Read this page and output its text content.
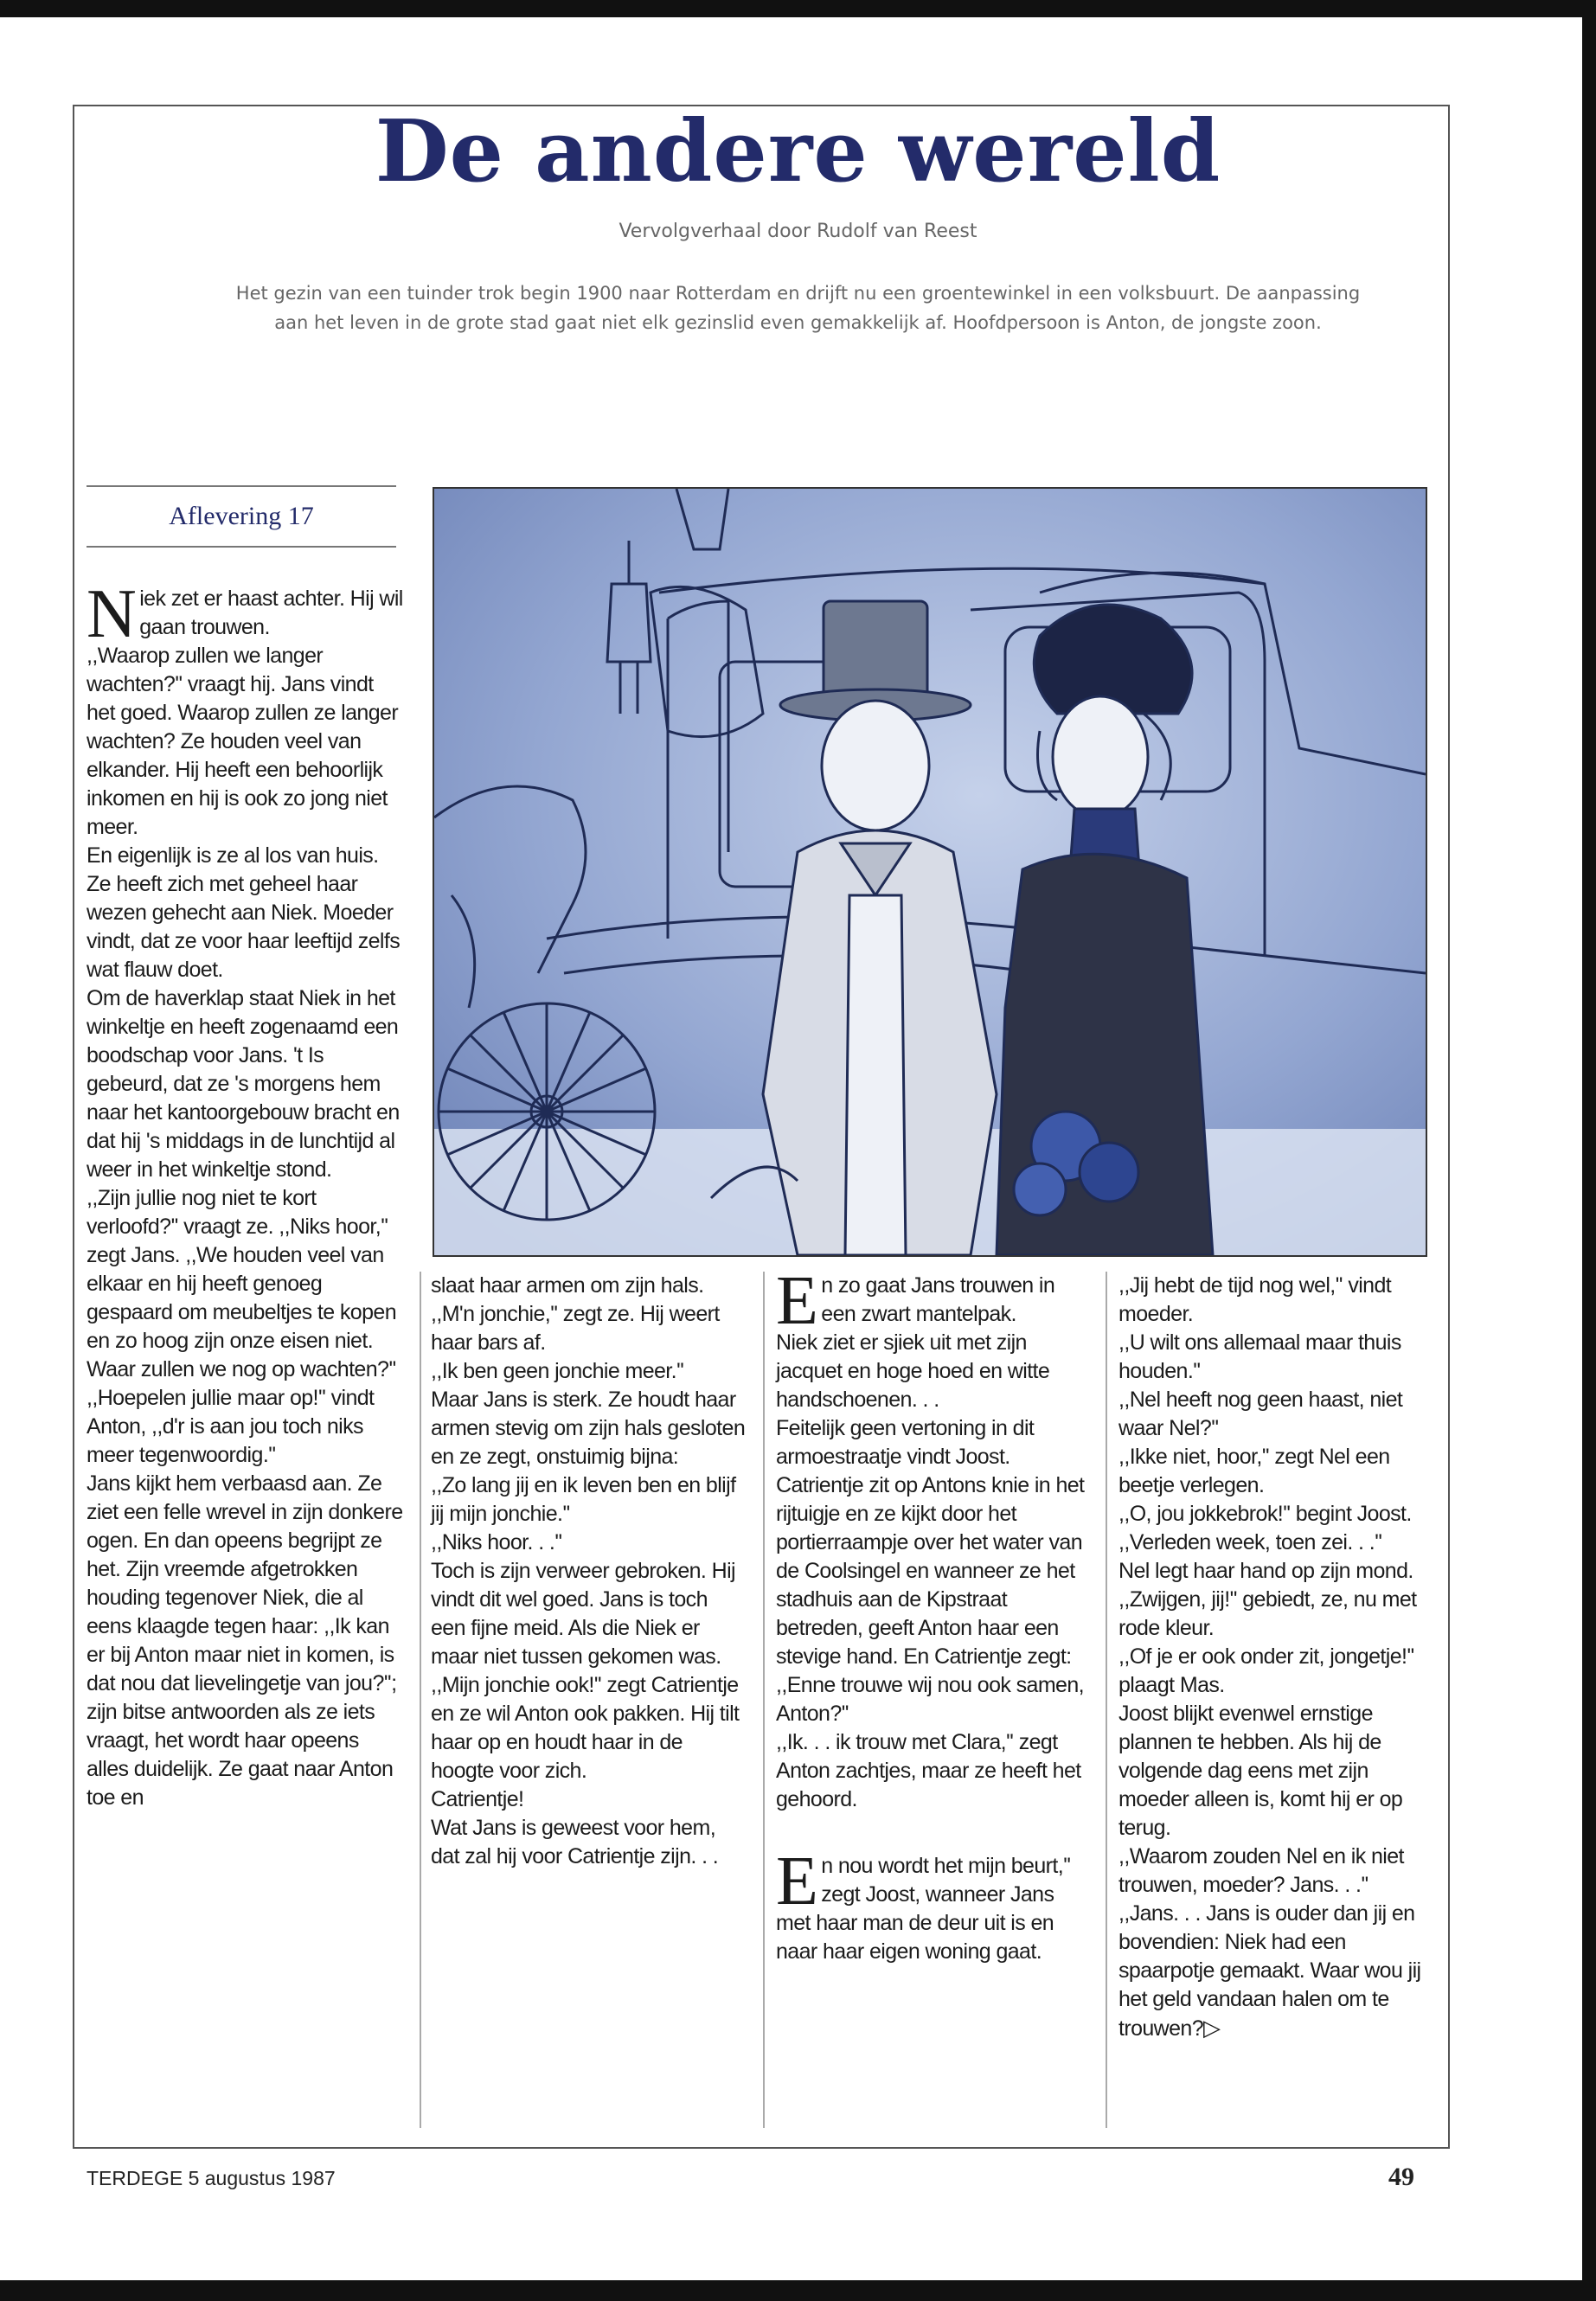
De andere wereld
Vervolgverhaal door Rudolf van Reest
Het gezin van een tuinder trok begin 1900 naar Rotterdam en drijft nu een groentewinkel in een volksbuurt. De aanpassing aan het leven in de grote stad gaat niet elk gezinslid even gemakkelijk af. Hoofdpersoon is Anton, de jongste zoon.
Aflevering 17

Niek zet er haast achter. Hij wil gaan trouwen.

,,Waarop zullen we langer wachten?'' vraagt hij. Jans vindt het goed. Waarop zullen ze langer wachten? Ze houden veel van elkander. Hij heeft een behoorlijk inkomen en hij is ook zo jong niet meer.

En eigenlijk is ze al los van huis.

Ze heeft zich met geheel haar wezen gehecht aan Niek. Moeder vindt, dat ze voor haar leeftijd zelfs wat flauw doet.

Om de haverklap staat Niek in het winkeltje en heeft zogenaamd een boodschap voor Jans. 't Is gebeurd, dat ze 's morgens hem naar het kantoorgebouw bracht en dat hij 's middags in de lunchtijd al weer in het winkeltje stond.

,,Zijn jullie nog niet te kort verloofd?'' vraagt ze. ,,Niks hoor,'' zegt Jans. ,,We houden veel van elkaar en hij heeft genoeg gespaard om meubeltjes te kopen en zo hoog zijn onze eisen niet. Waar zullen we nog op wachten?''

,,Hoepelen jullie maar op!'' vindt Anton, ,,d'r is aan jou toch niks meer tegenwoordig.''

Jans kijkt hem verbaasd aan. Ze ziet een felle wrevel in zijn donkere ogen. En dan opeens begrijpt ze het. Zijn vreemde afgetrokken houding tegenover Niek, die al eens klaagde tegen haar: ,,Ik kan er bij Anton maar niet in komen, is dat nou dat lievelingetje van jou?''; zijn bitse antwoorden als ze iets vraagt, het wordt haar opeens alles duidelijk. Ze gaat naar Anton toe en

slaat haar armen om zijn hals.

,,M'n jonchie,'' zegt ze. Hij weert haar bars af.

,,Ik ben geen jonchie meer.''

Maar Jans is sterk. Ze houdt haar armen stevig om zijn hals gesloten en ze zegt, onstuimig bijna:

,,Zo lang jij en ik leven ben en blijf jij mijn jonchie.''

,,Niks hoor. . .''

Toch is zijn verweer gebroken. Hij vindt dit wel goed. Jans is toch een fijne meid. Als die Niek er maar niet tussen gekomen was.

,,Mijn jonchie ook!'' zegt Catrientje en ze wil Anton ook pakken. Hij tilt haar op en houdt haar in de hoogte voor zich.

Catrientje!

Wat Jans is geweest voor hem, dat zal hij voor Catrientje zijn. . .

En zo gaat Jans trouwen in een zwart mantelpak.

Niek ziet er sjiek uit met zijn jacquet en hoge hoed en witte handschoenen. . .

Feitelijk geen vertoning in dit armoestraatje vindt Joost.

Catrientje zit op Antons knie in het rijtuigje en ze kijkt door het portierraampje over het water van de Coolsingel en wanneer ze het stadhuis aan de Kipstraat betreden, geeft Anton haar een stevige hand. En Catrientje zegt: ,,Enne trouwe wij nou ook samen, Anton?''

,,Ik. . . ik trouw met Clara,'' zegt Anton zachtjes, maar ze heeft het gehoord.

En nou wordt het mijn beurt,'' zegt Joost, wanneer Jans met haar man de deur uit is en naar haar eigen woning gaat.

,,Jij hebt de tijd nog wel,'' vindt moeder.

,,U wilt ons allemaal maar thuis houden.''

,,Nel heeft nog geen haast, niet waar Nel?''

,,Ikke niet, hoor,'' zegt Nel een beetje verlegen.

,,O, jou jokkebrok!'' begint Joost. ,,Verleden week, toen zei. . .''

Nel legt haar hand op zijn mond.

,,Zwijgen, jij!'' gebiedt, ze, nu met rode kleur.

,,Of je er ook onder zit, jongetje!'' plaagt Mas.

Joost blijkt evenwel ernstige plannen te hebben. Als hij de volgende dag eens met zijn moeder alleen is, komt hij er op terug.

,,Waarom zouden Nel en ik niet trouwen, moeder? Jans. . .''

,,Jans. . . Jans is ouder dan jij en bovendien: Niek had een spaarpotje gemaakt. Waar wou jij het geld vandaan halen om te trouwen?▷

TERDEGE 5 augustus 1987	49
